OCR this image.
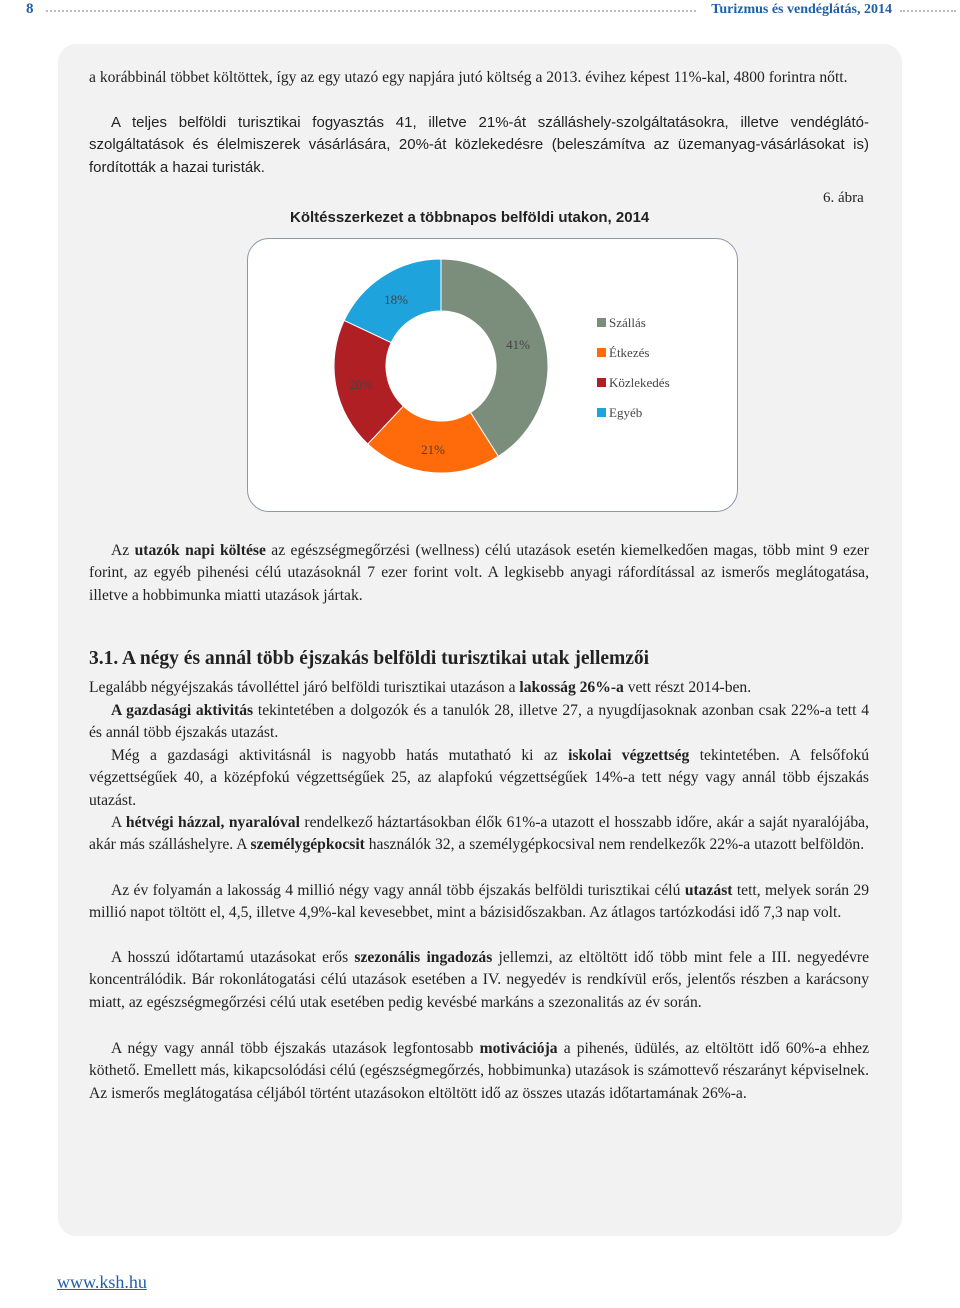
8	Turizmus és vendéglátás, 2014

a korábbinál többet költöttek, így az egy utazó egy napjára jutó költség a 2013. évihez képest 11%-kal, 4800 forintra nőtt.

A teljes belföldi turisztikai fogyasztás 41, illetve 21%-át szálláshely-szolgáltatásokra, illetve vendéglátó-szolgáltatások és élelmiszerek vásárlására, 20%-át közlekedésre (beleszámítva az üzemanyag-vásárlásokat is) fordították a hazai turisták.

6. ábra
Költésszerkezet a többnapos belföldi utakon, 2014
41%
21%
20%
18%
Szállás
Étkezés
Közlekedés
Egyéb

Az utazók napi költése az egészségmegőrzési (wellness) célú utazások esetén kiemelkedően magas, több mint 9 ezer forint, az egyéb pihenési célú utazásoknál 7 ezer forint volt. A legkisebb anyagi ráfordítással az ismerős meglátogatása, illetve a hobbimunka miatti utazások jártak.

3.1. A négy és annál több éjszakás belföldi turisztikai utak jellemzői

Legalább négyéjszakás távolléttel járó belföldi turisztikai utazáson a lakosság 26%-a vett részt 2014-ben.

A gazdasági aktivitás tekintetében a dolgozók és a tanulók 28, illetve 27, a nyugdíjasoknak azonban csak 22%-a tett 4 és annál több éjszakás utazást.

Még a gazdasági aktivitásnál is nagyobb hatás mutatható ki az iskolai végzettség tekintetében. A felsőfokú végzettségűek 40, a középfokú végzettségűek 25, az alapfokú végzettségűek 14%-a tett négy vagy annál több éjszakás utazást.

A hétvégi házzal, nyaralóval rendelkező háztartásokban élők 61%-a utazott el hosszabb időre, akár a saját nyaralójába, akár más szálláshelyre. A személygépkocsit használók 32, a személygépkocsival nem rendelkezők 22%-a utazott belföldön.

Az év folyamán a lakosság 4 millió négy vagy annál több éjszakás belföldi turisztikai célú utazást tett, melyek során 29 millió napot töltött el, 4,5, illetve 4,9%-kal kevesebbet, mint a bázisidőszakban. Az átlagos tartózkodási idő 7,3 nap volt.

A hosszú időtartamú utazásokat erős szezonális ingadozás jellemzi, az eltöltött idő több mint fele a III. negyedévre koncentrálódik. Bár rokonlátogatási célú utazások esetében a IV. negyedév is rendkívül erős, jelentős részben a karácsony miatt, az egészségmegőrzési célú utak esetében pedig kevésbé markáns a szezonalitás az év során.

A négy vagy annál több éjszakás utazások legfontosabb motivációja a pihenés, üdülés, az eltöltött idő 60%-a ehhez köthető. Emellett más, kikapcsolódási célú (egészségmegőrzés, hobbimunka) utazások is számottevő részarányt képviselnek. Az ismerős meglátogatása céljából történt utazásokon eltöltött idő az összes utazás időtartamának 26%-a.

www.ksh.hu
